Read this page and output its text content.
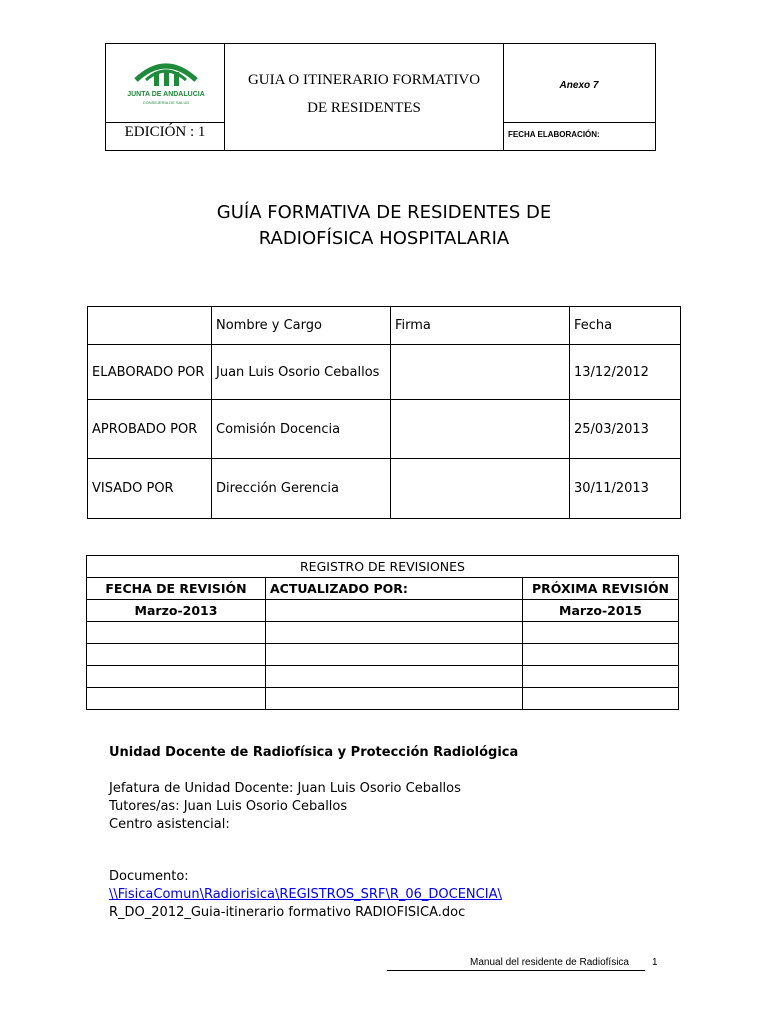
JUNTA DE ANDALUCIA
CONSEJERÍA DE SALUD
GUIA O ITINERARIO FORMATIVO
DE RESIDENTES
Anexo 7
EDICIÓN : 1	FECHA ELABORACIÓN:
GUÍA FORMATIVA DE RESIDENTES DE
RADIOFÍSICA HOSPITALARIA
	Nombre y Cargo	Firma	Fecha
ELABORADO POR	Juan Luis Osorio Ceballos		13/12/2012
APROBADO POR	Comisión Docencia		25/03/2013
VISADO POR	Dirección Gerencia		30/11/2013
REGISTRO DE REVISIONES		
FECHA DE REVISIÓN	ACTUALIZADO POR:	PRÓXIMA REVISIÓN
Marzo-2013		Marzo-2015

Unidad Docente de Radiofísica y Protección Radiológica
Jefatura de Unidad Docente: Juan Luis Osorio Ceballos
Tutores/as: Juan Luis Osorio Ceballos
Centro asistencial:
Documento:
\\FisicaComun\Radiorisica\REGISTROS_SRF\R_06_DOCENCIA\
R_DO_2012_Guia-itinerario formativo RADIOFISICA.doc
Manual del residente de Radiofísica 1
